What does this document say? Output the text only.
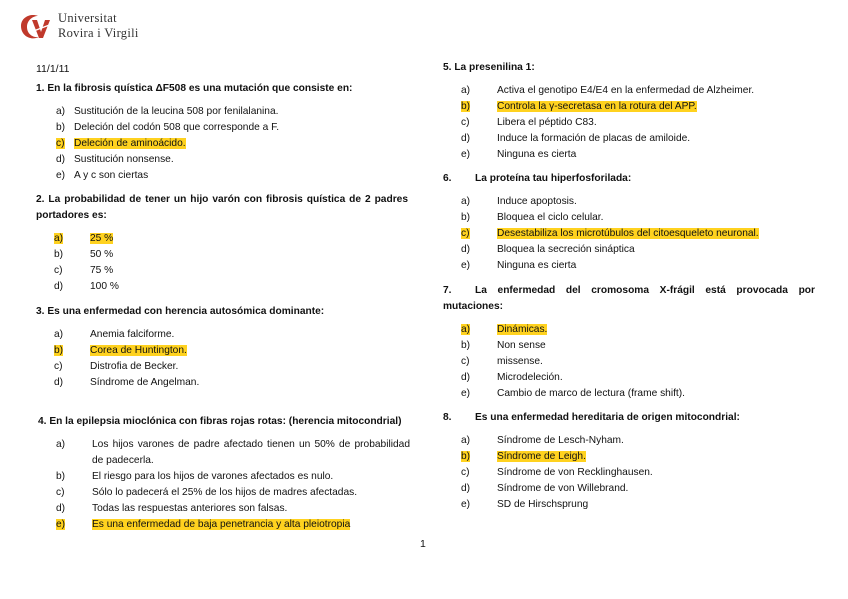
Universitat
Rovira i Virgili
11/1/11

1. En la fibrosis quística ΔF508 es una mutación que consiste en:

a) Sustitución de la leucina 508 por fenilalanina.
b) Deleción del codón 508 que corresponde a F.
c) Deleción de aminoácido.
d) Sustitución nonsense.
e) A y c son ciertas

2. La probabilidad de tener un hijo varón con fibrosis quística de 2 padres portadores es:

a)	25 %
b)	50 %
c)	75 %
d)	100 %

3. Es una enfermedad con herencia autosómica dominante:

a)	Anemia falciforme.
b)	Corea de Huntington.
c)	Distrofia de Becker.
d)	Síndrome de Angelman.

4. En la epilepsia mioclónica con fibras rojas rotas: (herencia mitocondrial)

a)	Los hijos varones de padre afectado tienen un 50% de probabilidad de padecerla.
b)	El riesgo para los hijos de varones afectados es nulo.
c)	Sólo lo padecerá el 25% de los hijos de madres afectadas.
d)	Todas las respuestas anteriores son falsas.
e)	Es una enfermedad de baja penetrancia y alta pleiotropia

5. La presenilina 1:

a)	Activa el genotipo E4/E4 en la enfermedad de Alzheimer.
b)	Controla la γ-secretasa en la rotura del APP.
c)	Libera el péptido C83.
d)	Induce la formación de placas de amiloide.
e)	Ninguna es cierta

6. La proteína tau hiperfosforilada:

a)	Induce apoptosis.
b)	Bloquea el ciclo celular.
c)	Desestabiliza los microtúbulos del citoesqueleto neuronal.
d)	Bloquea la secreción sináptica
e)	Ninguna es cierta

7. La enfermedad del cromosoma X-frágil está provocada por mutaciones:

a)	Dinámicas.
b)	Non sense
c)	missense.
d)	Microdeleción.
e)	Cambio de marco de lectura (frame shift).

8. Es una enfermedad hereditaria de origen mitocondrial:

a)	Síndrome de Lesch-Nyham.
b)	Síndrome de Leigh.
c)	Síndrome de von Recklinghausen.
d)	Síndrome de von Willebrand.
e)	SD de Hirschsprung
1
